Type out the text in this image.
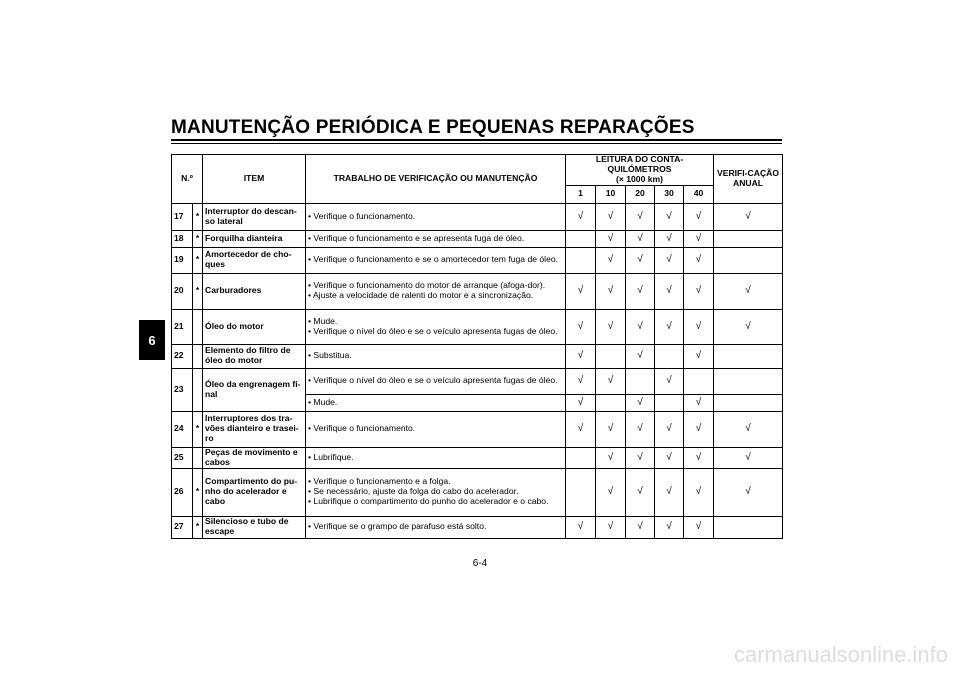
MANUTENÇÃO PERIÓDICA E PEQUENAS REPARAÇÕES
6
N.º		ITEM	TRABALHO DE VERIFICAÇÃO OU MANUTENÇÃO	LEITURA DO CONTA-QUILÓMETROS
(× 1000 km)					VERIFI-CAÇÃO ANUAL
				1	10	20	30	40	
17	*	Interruptor do descan-so lateral	• Verifique o funcionamento.	√	√	√	√	√	√
18	*	Forquilha dianteira	• Verifique o funcionamento e se apresenta fuga de óleo.		√	√	√	√	
19	*	Amortecedor de cho-ques	• Verifique o funcionamento e se o amortecedor tem fuga de óleo.		√	√	√	√	
20	*	Carburadores	• Verifique o funcionamento do motor de arranque (afoga-dor).
• Ajuste a velocidade de ralenti do motor e a sincronização.	√	√	√	√	√	√
21		Óleo do motor	• Mude.
• Verifique o nível do óleo e se o veículo apresenta fugas de óleo.	√	√	√	√	√	√
22		Elemento do filtro de óleo do motor	• Substitua.	√		√		√	
23		Óleo da engrenagem fi-nal	• Verifique o nível do óleo e se o veículo apresenta fugas de óleo.	√	√		√		

			• Mude.	√		√		√	
24	*	Interruptores dos tra-vões dianteiro e trasei-ro	• Verifique o funcionamento.	√	√	√	√	√	√
25		Peças de movimento e cabos	• Lubrifique.		√	√	√	√	√
26	*	Compartimento do pu-nho do acelerador e cabo	• Verifique o funcionamento e a folga.
• Se necessário, ajuste da folga do cabo do acelerador.
• Lubrifique o compartimento do punho do acelerador e o cabo.		√	√	√	√	√
27	*	Silencioso e tubo de escape	• Verifique se o grampo de parafuso está solto.	√	√	√	√	√	
6-4
carmanualsonline.info
